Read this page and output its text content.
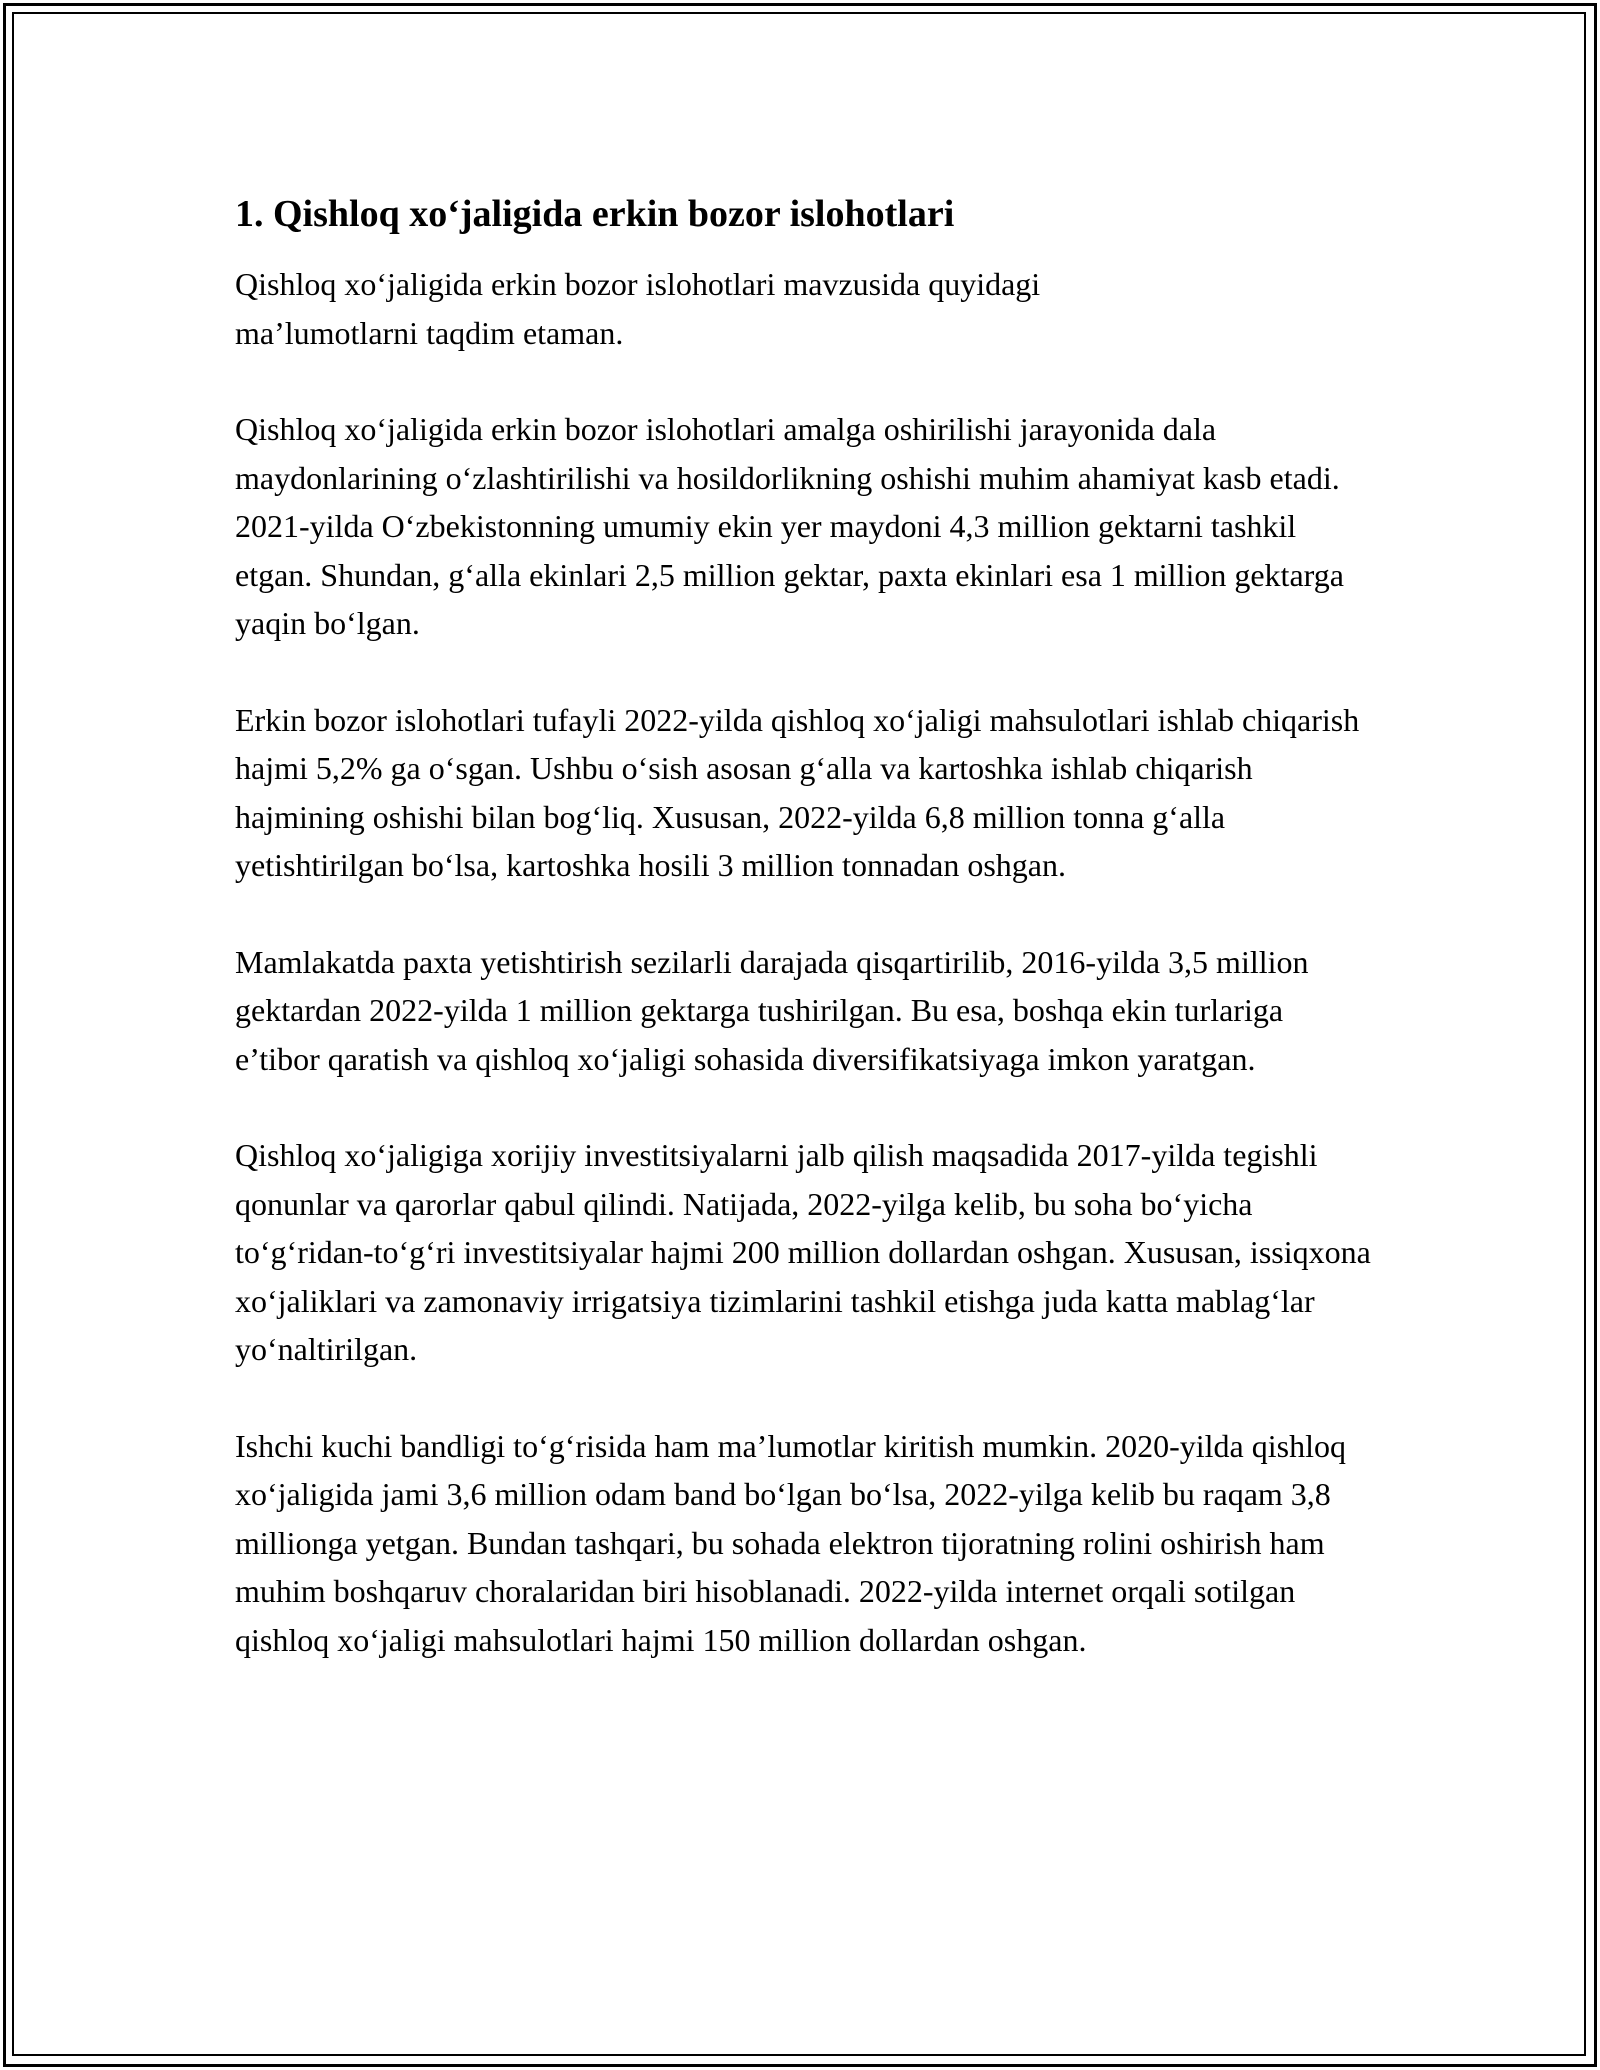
1. Qishloq xo‘jaligida erkin bozor islohotlari

Qishloq xo‘jaligida erkin bozor islohotlari mavzusida quyidagi ma’lumotlarni taqdim etaman.

Qishloq xo‘jaligida erkin bozor islohotlari amalga oshirilishi jarayonida dala maydonlarining o‘zlashtirilishi va hosildorlikning oshishi muhim ahamiyat kasb etadi. 2021-yilda O‘zbekistonning umumiy ekin yer maydoni 4,3 million gektarni tashkil etgan. Shundan, g‘alla ekinlari 2,5 million gektar, paxta ekinlari esa 1 million gektarga yaqin bo‘lgan.

Erkin bozor islohotlari tufayli 2022-yilda qishloq xo‘jaligi mahsulotlari ishlab chiqarish hajmi 5,2% ga o‘sgan. Ushbu o‘sish asosan g‘alla va kartoshka ishlab chiqarish hajmining oshishi bilan bog‘liq. Xususan, 2022-yilda 6,8 million tonna g‘alla yetishtirilgan bo‘lsa, kartoshka hosili 3 million tonnadan oshgan.

Mamlakatda paxta yetishtirish sezilarli darajada qisqartirilib, 2016-yilda 3,5 million gektardan 2022-yilda 1 million gektarga tushirilgan. Bu esa, boshqa ekin turlariga e’tibor qaratish va qishloq xo‘jaligi sohasida diversifikatsiyaga imkon yaratgan.

Qishloq xo‘jaligiga xorijiy investitsiyalarni jalb qilish maqsadida 2017-yilda tegishli qonunlar va qarorlar qabul qilindi. Natijada, 2022-yilga kelib, bu soha bo‘yicha to‘g‘ridan-to‘g‘ri investitsiyalar hajmi 200 million dollardan oshgan. Xususan, issiqxona xo‘jaliklari va zamonaviy irrigatsiya tizimlarini tashkil etishga juda katta mablag‘lar yo‘naltirilgan.

Ishchi kuchi bandligi to‘g‘risida ham ma’lumotlar kiritish mumkin. 2020-yilda qishloq xo‘jaligida jami 3,6 million odam band bo‘lgan bo‘lsa, 2022-yilga kelib bu raqam 3,8 millionga yetgan. Bundan tashqari, bu sohada elektron tijoratning rolini oshirish ham muhim boshqaruv choralaridan biri hisoblanadi. 2022-yilda internet orqali sotilgan qishloq xo‘jaligi mahsulotlari hajmi 150 million dollardan oshgan.
